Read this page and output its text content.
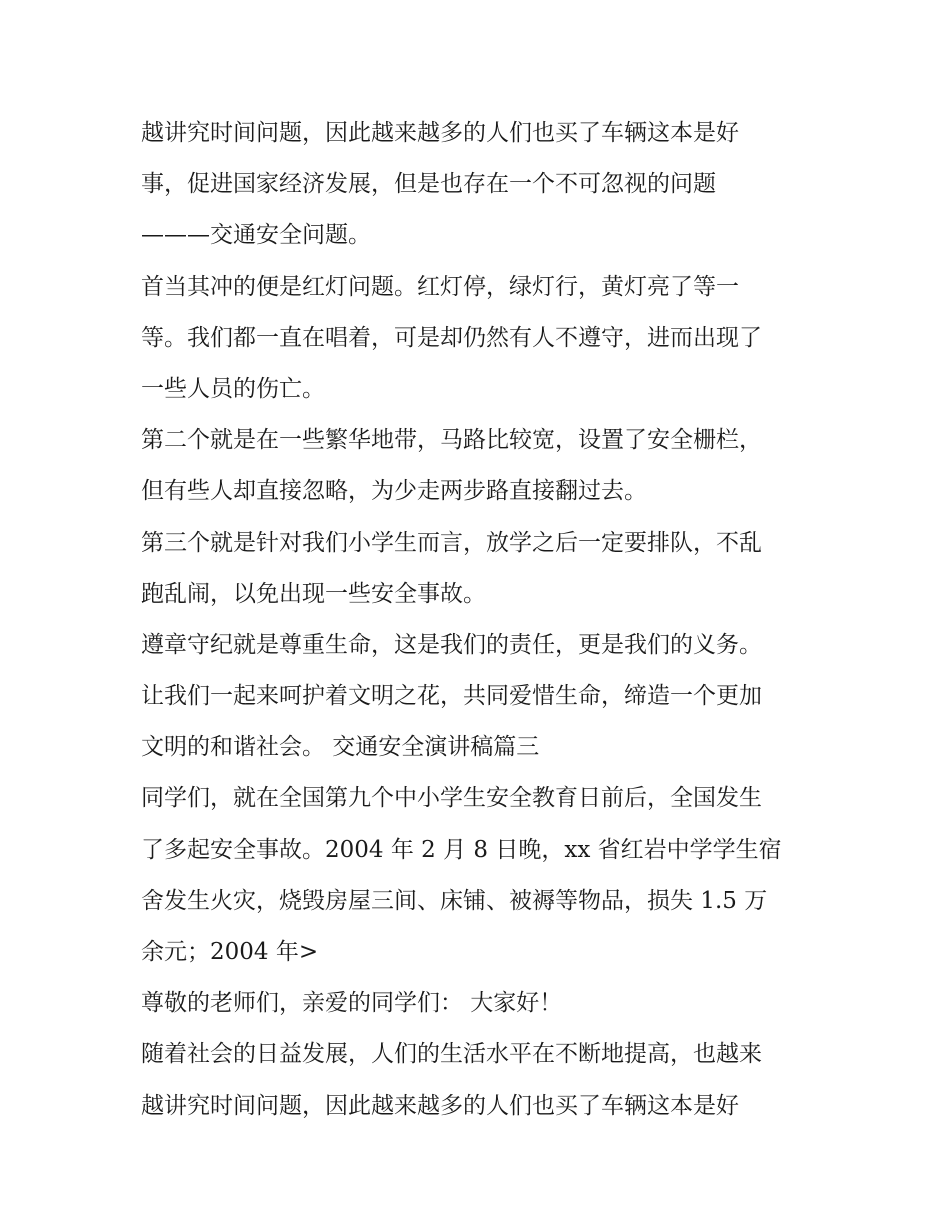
越讲究时间问题，因此越来越多的人们也买了车辆这本是好
事，促进国家经济发展，但是也存在一个不可忽视的问题
———交通安全问题。
首当其冲的便是红灯问题。红灯停，绿灯行，黄灯亮了等一
等。我们都一直在唱着，可是却仍然有人不遵守，进而出现了
一些人员的伤亡。
第二个就是在一些繁华地带，马路比较宽，设置了安全栅栏，
但有些人却直接忽略，为少走两步路直接翻过去。
第三个就是针对我们小学生而言，放学之后一定要排队，不乱
跑乱闹，以免出现一些安全事故。
遵章守纪就是尊重生命，这是我们的责任，更是我们的义务。
让我们一起来呵护着文明之花，共同爱惜生命，缔造一个更加
文明的和谐社会。 交通安全演讲稿篇三
同学们，就在全国第九个中小学生安全教育日前后，全国发生
了多起安全事故。2004 年 2 月 8 日晚，xx 省红岩中学学生宿
舍发生火灾，烧毁房屋三间、床铺、被褥等物品，损失 1.5 万
余元；2004 年>
尊敬的老师们，亲爱的同学们： 大家好！
随着社会的日益发展，人们的生活水平在不断地提高，也越来
越讲究时间问题，因此越来越多的人们也买了车辆这本是好
